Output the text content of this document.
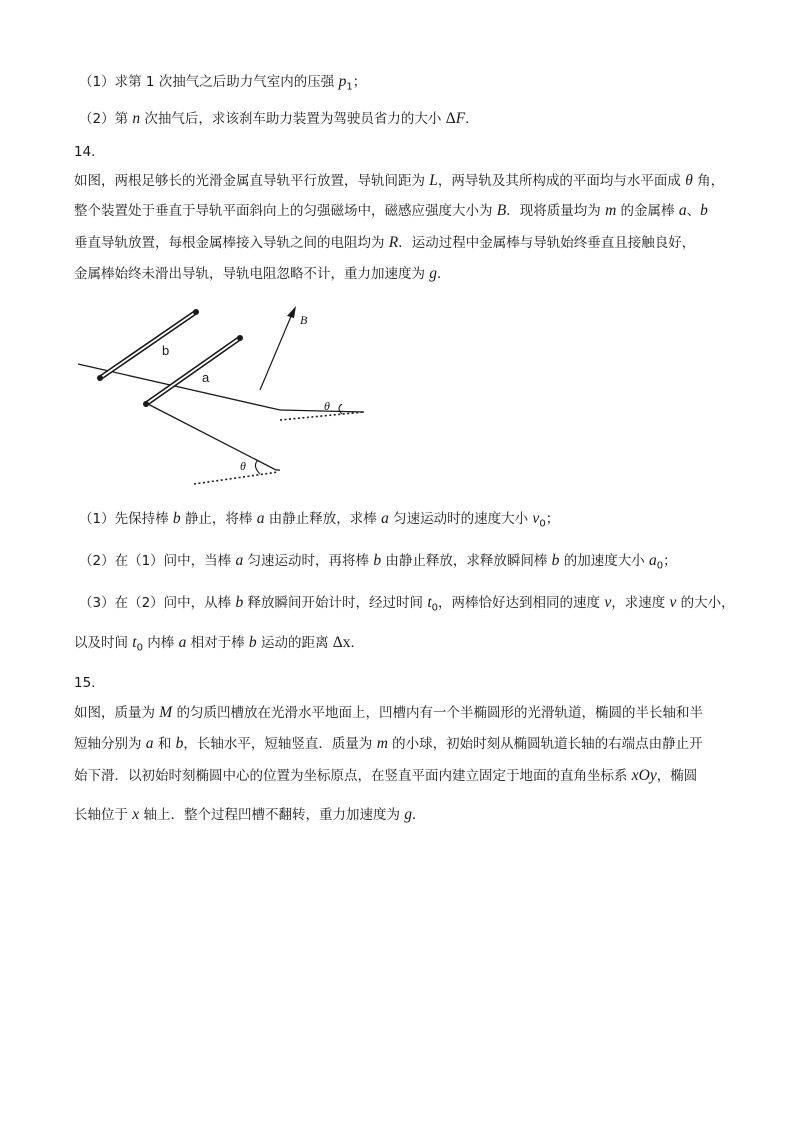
（1）求第 1 次抽气之后助力气室内的压强 $p_1$；
（2）第 n 次抽气后，求该刹车助力装置为驾驶员省力的大小 ΔF.
14.
如图，两根足够长的光滑金属直导轨平行放置，导轨间距为 L，两导轨及其所构成的平面均与水平面成 θ 角，
整个装置处于垂直于导轨平面斜向上的匀强磁场中，磁感应强度大小为 B．现将质量均为 m 的金属棒 a、b
垂直导轨放置，每根金属棒接入导轨之间的电阻均为 R．运动过程中金属棒与导轨始终垂直且接触良好，
金属棒始终未滑出导轨，导轨电阻忽略不计，重力加速度为 g．
θ
θ
b
a
B
（1）先保持棒 b 静止，将棒 a 由静止释放，求棒 a 匀速运动时的速度大小 $v_0$；
（2）在（1）问中，当棒 a 匀速运动时，再将棒 b 由静止释放，求释放瞬间棒 b 的加速度大小 $a_0$；
（3）在（2）问中，从棒 b 释放瞬间开始计时，经过时间 $t_0$，两棒恰好达到相同的速度 v，求速度 v 的大小，
以及时间 $t_0$ 内棒 a 相对于棒 b 运动的距离 Δx．
15.
如图，质量为 M 的匀质凹槽放在光滑水平地面上，凹槽内有一个半椭圆形的光滑轨道，椭圆的半长轴和半
短轴分别为 a 和 b，长轴水平，短轴竖直．质量为 m 的小球，初始时刻从椭圆轨道长轴的右端点由静止开
始下滑．以初始时刻椭圆中心的位置为坐标原点，在竖直平面内建立固定于地面的直角坐标系 xOy，椭圆
长轴位于 x 轴上．整个过程凹槽不翻转，重力加速度为 g．
